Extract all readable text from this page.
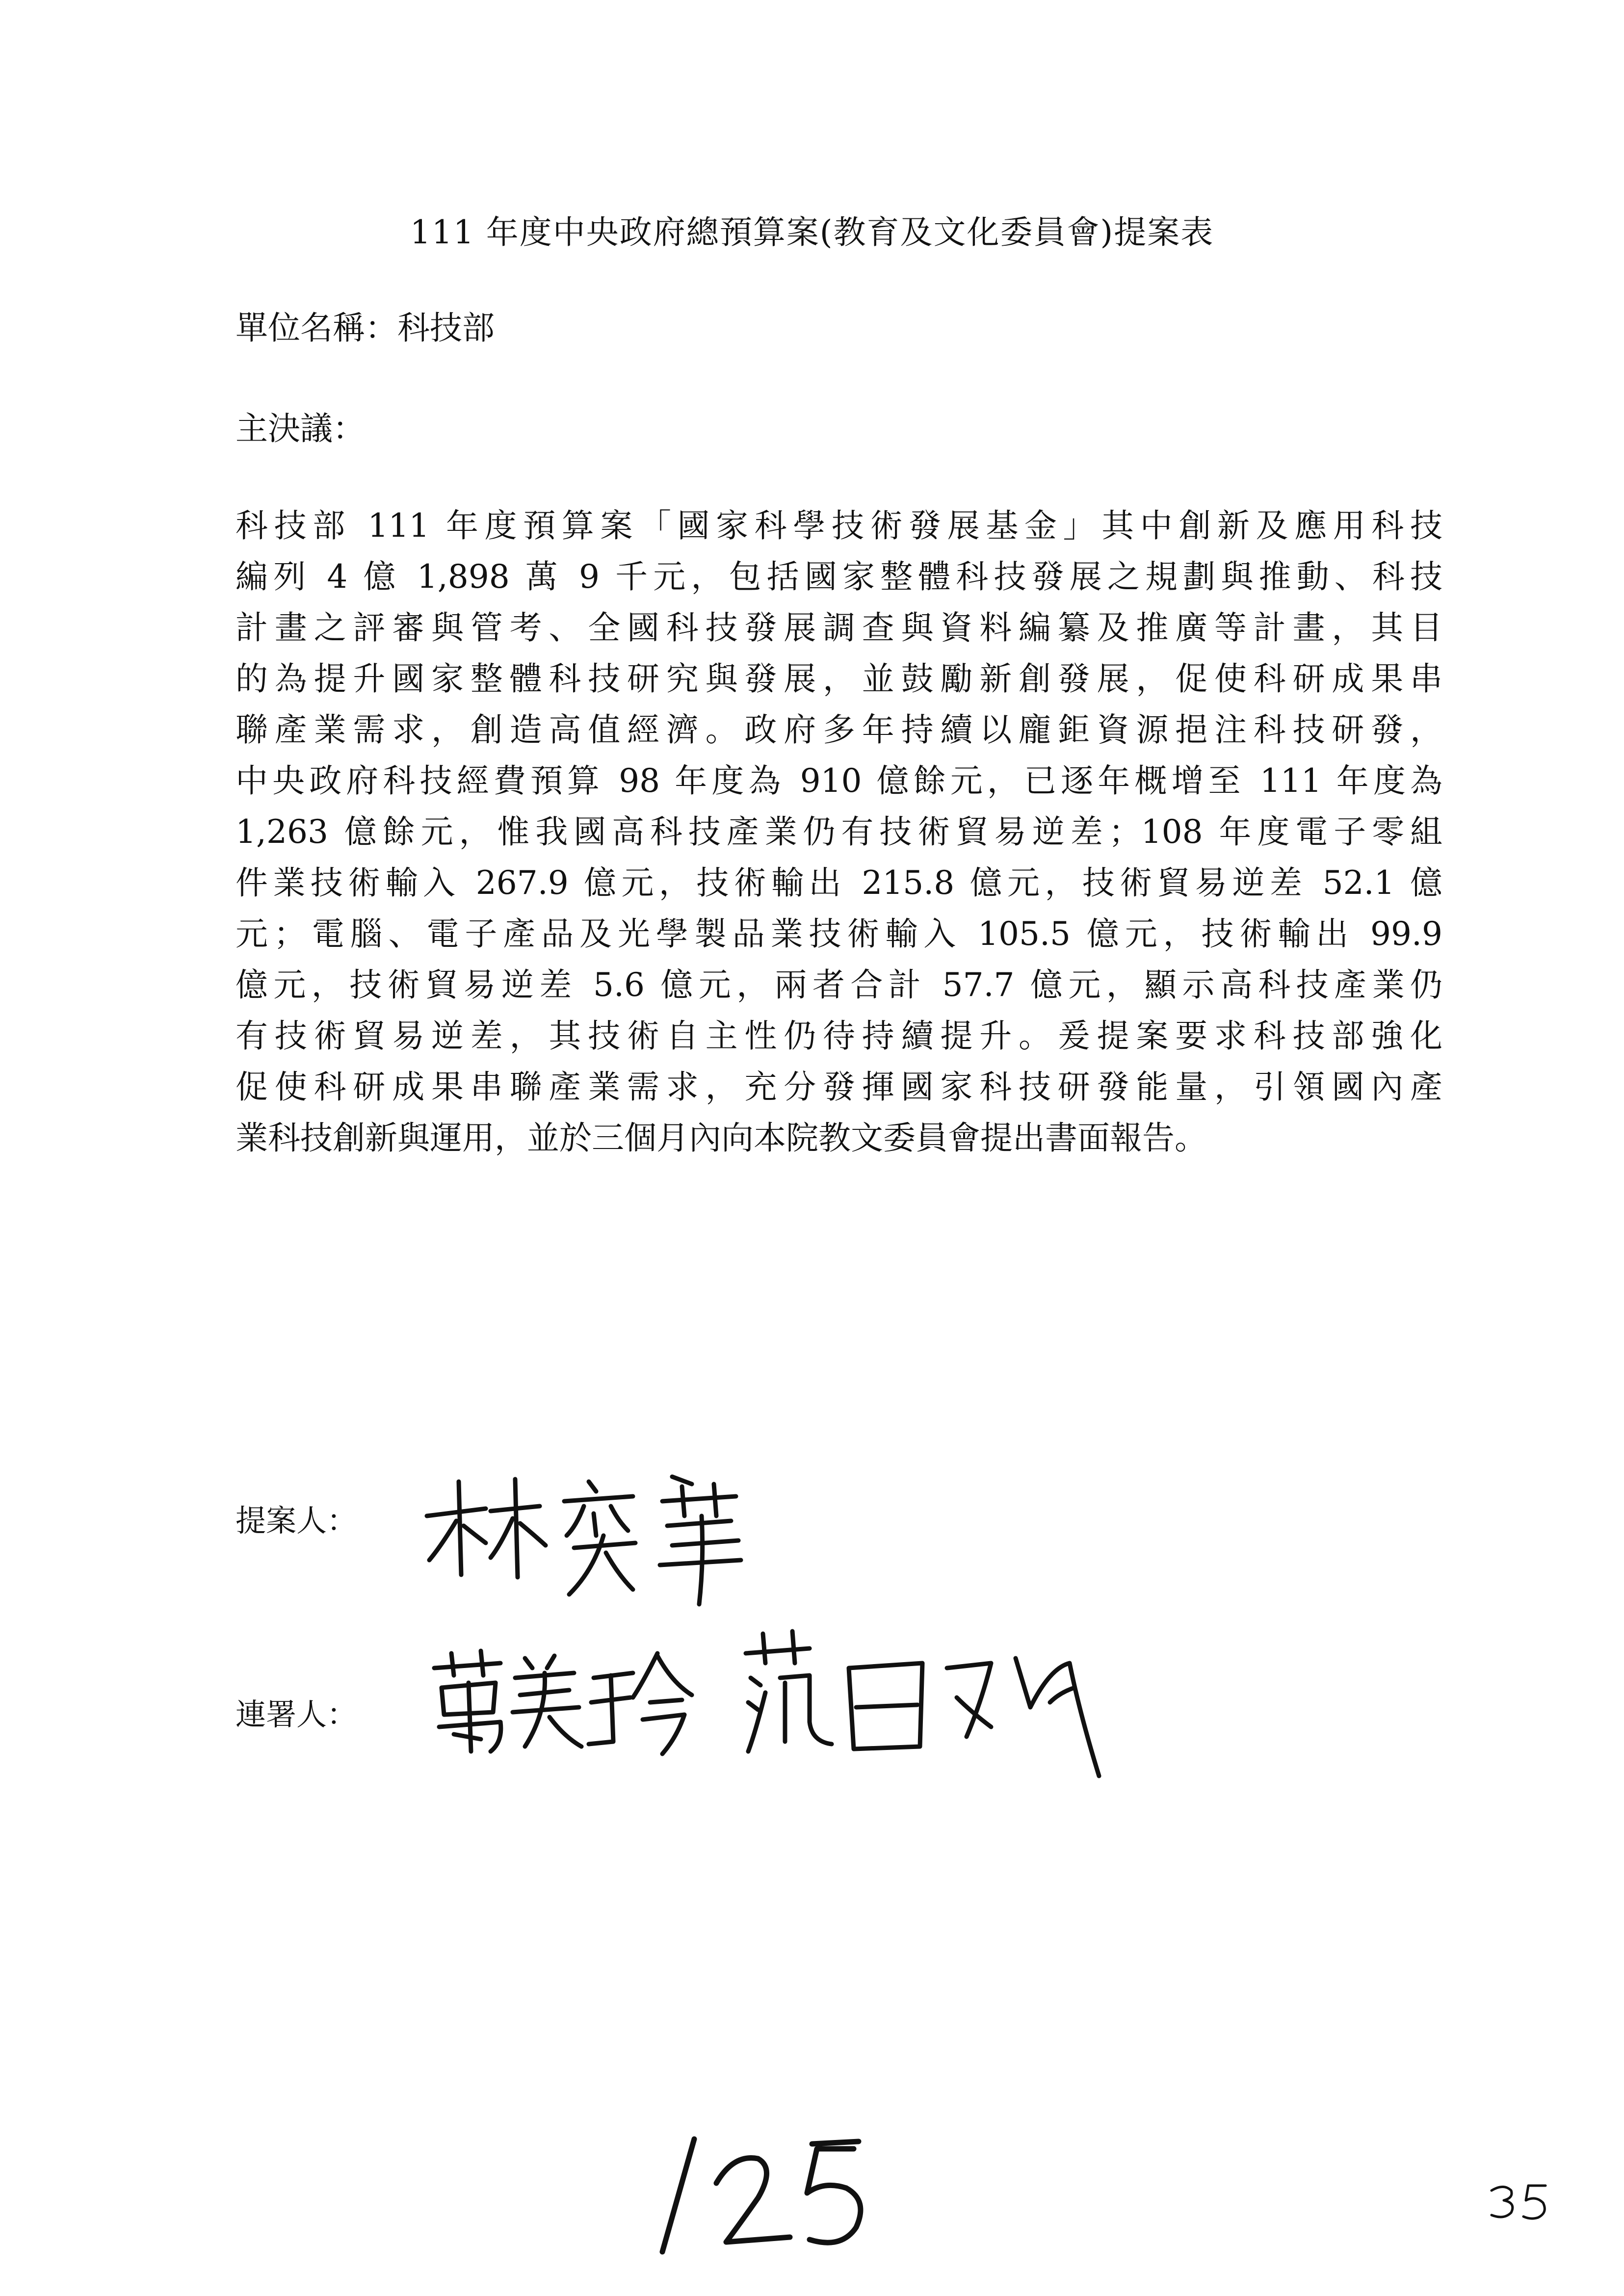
111 年度中央政府總預算案(教育及文化委員會)提案表
單位名稱：科技部
主決議：
科技部 111 年度預算案「國家科學技術發展基金」其中創新及應用科技
編列 4 億 1,898 萬 9 千元，包括國家整體科技發展之規劃與推動、科技
計畫之評審與管考、全國科技發展調查與資料編纂及推廣等計畫，其目
的為提升國家整體科技研究與發展，並鼓勵新創發展，促使科研成果串
聯產業需求，創造高值經濟。政府多年持續以龐鉅資源挹注科技研發，
中央政府科技經費預算 98 年度為 910 億餘元，已逐年概增至 111 年度為
1,263 億餘元，惟我國高科技產業仍有技術貿易逆差；108 年度電子零組
件業技術輸入 267.9 億元，技術輸出 215.8 億元，技術貿易逆差 52.1 億
元；電腦、電子產品及光學製品業技術輸入 105.5 億元，技術輸出 99.9
億元，技術貿易逆差 5.6 億元，兩者合計 57.7 億元，顯示高科技產業仍
有技術貿易逆差，其技術自主性仍待持續提升。爰提案要求科技部強化
促使科研成果串聯產業需求，充分發揮國家科技研發能量，引領國內產
業科技創新與運用，並於三個月內向本院教文委員會提出書面報告。
提案人：
連署人：
